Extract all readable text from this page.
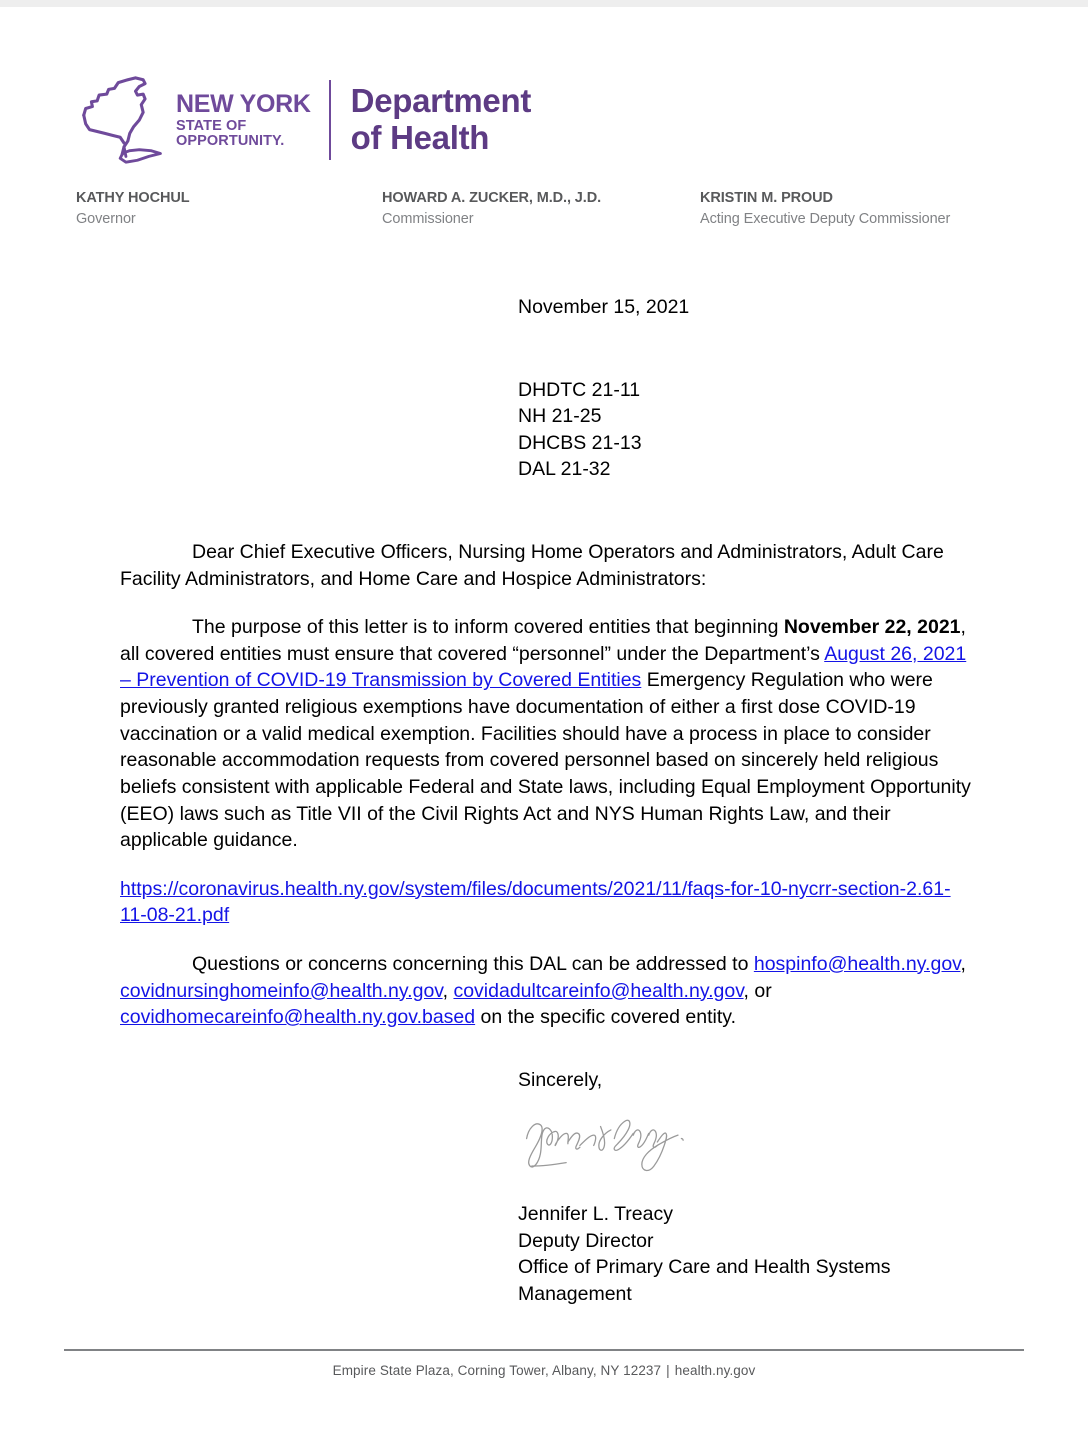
NEW YORK
STATE OF
OPPORTUNITY.
Department
of Health
KATHY HOCHUL
Governor
HOWARD A. ZUCKER, M.D., J.D.
Commissioner
KRISTIN M. PROUD
Acting Executive Deputy Commissioner
November 15, 2021
DHDTC 21-11
NH 21-25
DHCBS 21-13
DAL 21-32

Dear Chief Executive Officers, Nursing Home Operators and Administrators, Adult Care Facility Administrators, and Home Care and Hospice Administrators:

The purpose of this letter is to inform covered entities that beginning November 22, 2021, all covered entities must ensure that covered “personnel” under the Department’s August 26, 2021 – Prevention of COVID-19 Transmission by Covered Entities Emergency Regulation who were previously granted religious exemptions have documentation of either a first dose COVID-19 vaccination or a valid medical exemption. Facilities should have a process in place to consider reasonable accommodation requests from covered personnel based on sincerely held religious beliefs consistent with applicable Federal and State laws, including Equal Employment Opportunity (EEO) laws such as Title VII of the Civil Rights Act and NYS Human Rights Law, and their applicable guidance.

https://coronavirus.health.ny.gov/system/files/documents/2021/11/faqs-for-10-nycrr-section-2.61-11-08-21.pdf

Questions or concerns concerning this DAL can be addressed to hospinfo@health.ny.gov, covidnursinghomeinfo@health.ny.gov, covidadultcareinfo@health.ny.gov, or covidhomecareinfo@health.ny.gov.based on the specific covered entity.

Sincerely,
Jennifer L. Treacy
Deputy Director
Office of Primary Care and Health Systems
Management
Empire State Plaza, Corning Tower, Albany, NY 12237 | health.ny.gov
